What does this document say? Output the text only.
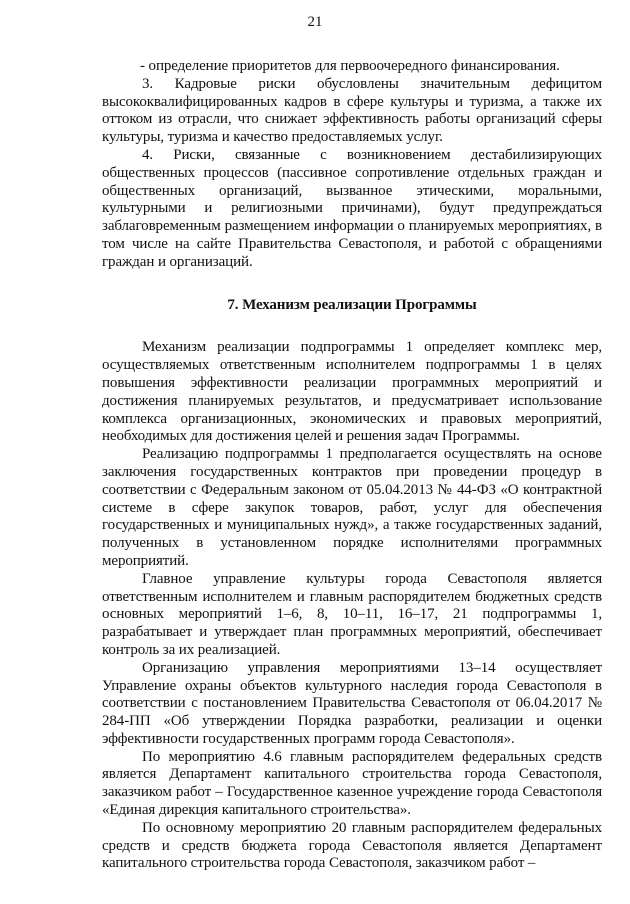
21

- определение приоритетов для первоочередного финансирования.

3. Кадровые риски обусловлены значительным дефицитом высококвалифицированных кадров в сфере культуры и туризма, а также их оттоком из отрасли, что снижает эффективность работы организаций сферы культуры, туризма и качество предоставляемых услуг.

4. Риски, связанные с возникновением дестабилизирующих общественных процессов (пассивное сопротивление отдельных граждан и общественных организаций, вызванное этическими, моральными, культурными и религиозными причинами), будут предупреждаться заблаговременным размещением информации о планируемых мероприятиях, в том числе на сайте Правительства Севастополя, и работой с обращениями граждан и организаций.

7. Механизм реализации Программы

Механизм реализации подпрограммы 1 определяет комплекс мер, осуществляемых ответственным исполнителем подпрограммы 1 в целях повышения эффективности реализации программных мероприятий и достижения планируемых результатов, и предусматривает использование комплекса организационных, экономических и правовых мероприятий, необходимых для достижения целей и решения задач Программы.

Реализацию подпрограммы 1 предполагается осуществлять на основе заключения государственных контрактов при проведении процедур в соответствии с Федеральным законом от 05.04.2013 № 44-ФЗ «О контрактной системе в сфере закупок товаров, работ, услуг для обеспечения государственных и муниципальных нужд», а также государственных заданий, полученных в установленном порядке исполнителями программных мероприятий.

Главное управление культуры города Севастополя является ответственным исполнителем и главным распорядителем бюджетных средств основных мероприятий 1–6, 8, 10–11, 16–17, 21 подпрограммы 1, разрабатывает и утверждает план программных мероприятий, обеспечивает контроль за их реализацией.

Организацию управления мероприятиями 13–14 осуществляет Управление охраны объектов культурного наследия города Севастополя в соответствии с постановлением Правительства Севастополя от 06.04.2017 № 284-ПП «Об утверждении Порядка разработки, реализации и оценки эффективности государственных программ города Севастополя».

По мероприятию 4.6 главным распорядителем федеральных средств является Департамент капитального строительства города Севастополя, заказчиком работ – Государственное казенное учреждение города Севастополя «Единая дирекция капитального строительства».

По основному мероприятию 20 главным распорядителем федеральных средств и средств бюджета города Севастополя является Департамент капитального строительства города Севастополя, заказчиком работ –
